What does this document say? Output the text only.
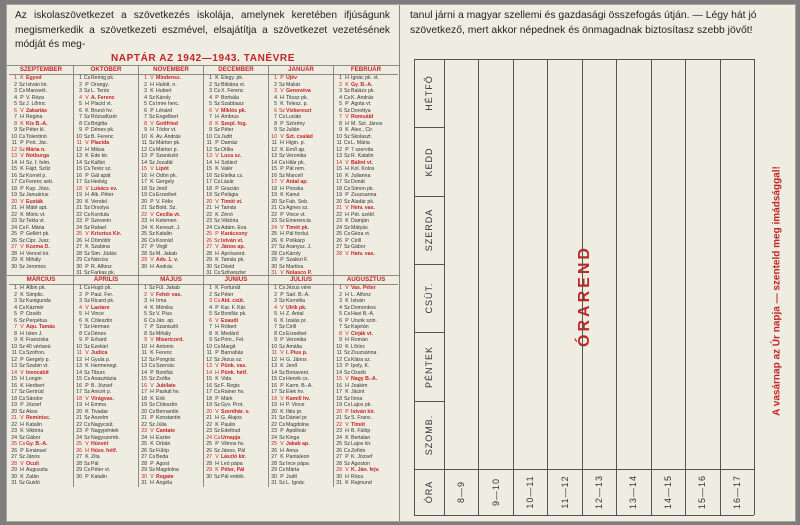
Az iskolaszövetkezet a szövetkezés iskolája, amelynek keretében ifjúságunk megismerkedik a szövetkezeti eszmével, elsajátítja a szövetkezet vezetésének módját és meg-
NAPTÁR AZ 1942—1943. TANÉVRE
SZEPTEMBER
1 K Egyed
2 Sz István kir.
3 Cs Mansvét.
4 P V. Róza
5 Sz J. Lőrinc
6 V Zakariás
7 H Regina
8 K Kis B.-A.
9 Sz Péter kl.
10 Cs Tolentinó
11 P Prot. Jác.
12 Sz Mária n.
13 V Notburga
14 H Sz. f. felm.
15 K Fájd. Szűz
16 Sz Kornél p.
17 Cs Ferenc seb.
18 P Kup. Józs.
19 Sz Januárius
20 V Eusták
21 H Máté apt.
22 K Móric vt.
23 Sz Tekla vt.
24 Cs F. Mária
25 P Gellért pk.
26 Sz Cipr. Jusz.
27 V Kozma D.
28 H Vencel kir.
29 K Mihály
30 Sz Jeromos
OKTÓBER
1 Cs Remig pk.
2 P Őrangy.
3 Sz L. Teréz
4 V A. Ferenc
5 H Placid vt.
6 K Brunó hv.
7 Sz Rózsafüzér
8 Cs Brigitta
9 P Dénes pk.
10 Sz B. Ferenc
11 V Placida
12 H Miksa
13 K Ede kir.
14 Sz Kallixt
15 Cs Teréz sz.
16 P Gál apát
17 Sz Hedvig
18 V Lukács ev.
19 H Alk. Péter
20 K Vendel
21 Sz Orsolya
22 Cs Kordula
23 P Szeverin
24 Sz Rafael
25 V Krisztus Kir.
26 H Dömötör
27 K Szabina
28 Sz Sim. Júdás
29 Cs Nárcisz
30 P R. Alfonz
31 Sz Farkas pk.
NOVEMBER
1 V Mindensz.
2 H Halott. n.
3 K Hubert
4 Sz Károly
5 Cs Imre herc.
6 P Lénárd
7 Sz Engelbert
8 V Gottfried
9 H Tódor vt.
10 K Av. András
11 Sz Márton pk.
12 Cs Márton p.
13 P Szaniszló
14 Sz Jozafát
15 V Lipót
16 H Ödön pk.
17 K Gergely
18 Sz Jenő
19 Cs Erzsébet
20 P V. Félix
21 Sz Bold. Sz.
22 V Cecília vt.
23 H Kelemen
24 K Kereszt. J.
25 Sz Katalin
26 Cs Konrád
27 P Virgil
28 Sz M. Jakab
29 V Adv. 1. v.
30 H András
DECEMBER
1 K Elegy. pk.
2 Sz Bibiána vt.
3 Cs X. Ferenc
4 P Borbála
5 Sz Szabbasz
6 V Miklós pk.
7 H Ambrus
8 K Szepl. fog.
9 Sz Péter
10 Cs Judit
11 P Damáz
12 Sz Otília
13 V Luca sz.
14 H Szilárd
15 K Valér
16 Sz Etelka cs.
17 Cs Lázár
18 P Gracián
19 Sz Pelágia
20 V Timót vt.
21 H Tamás
22 K Zénó
23 Sz Viktória
24 Cs Ádám. Éva
25 P Karácsony
26 Sz István vt.
27 V János ap.
28 H Aprószent.
29 K Tamás pk.
30 Sz Dávid
31 Cs Szilveszter
JANUÁR
1 P Újév
2 Sz Makár
3 V Genovéva
4 H Titusz pk.
5 K Telesz. p.
6 Sz Vízkereszt
7 Cs Lucián
8 P Szörény
9 Sz Julián
10 V Szt. család
11 H Higin. p.
12 K Ernő ap.
13 Sz Veronika
14 Cs Hilár pk.
15 P Pál rem.
16 Sz Marcell
17 V Antal ap.
18 H Piroska
19 K Kanut
20 Sz Fab. Seb.
21 Cs Ágnes sz.
22 P Vince vt.
23 Sz Emerencia
24 V Timót pk.
25 H Pál fordul.
26 K Polikárp
27 Sz Aranysz. J.
28 Cs Károly
29 P Szalézi F.
30 Sz Martina
31 V Nolasco P.
FEBRUÁR
1 H Ignác pk. vt.
2 K Gy. B.-A.
3 Sz Balázs pk.
4 Cs K. András
5 P Ágota vt.
6 Sz Dorottya
7 V Romuáld
8 H M. Szt. János
9 K Alex., Cir.
10 Sz Skolaszt.
11 Cs L. Mária
12 P 7 szervita
13 Sz R. Katalin
14 V Bálint vt.
15 H Kol. Kolos
16 K Julianna
17 Sz Donát
18 Cs Simon pk.
19 P Zsuzsanna
20 Sz Aladár pk.
21 V Hetv. vas.
22 H Pét. székf.
23 K Damján
24 Sz Mátyás
25 Cs Géza vt.
26 P Cirill
27 Sz Gábor
28 V Hatv. vas.
MÁRCIUS
1 H Albin pk.
2 K Simplic.
3 Sz Kunigunda
4 Cs Kázmér
5 P Özséb
6 Sz Perpétua
7 V Aqu. Tamás
8 H Isten J.
9 K Franciska
10 Sz 40 vértanú
11 Cs Szofron.
12 P Gergely p.
13 Sz Szabin vt.
14 V Invocabit
15 H Longin
16 K Heribert
17 Sz Gertrúd
18 Cs Sándor
19 P József
20 Sz Ákos
21 V Reminisc.
22 H Katalin
23 K Viktória
24 Sz Gábor
25 Cs Gy. B.-A.
26 P Emánuel
27 Sz János
28 V Oculi
29 H Auguszta
30 K Zalán
31 Sz Guidó
ÁPRILIS
1 Cs Hugó pk.
2 P Paul. Fer.
3 Sz Ricard pk.
4 V Laetare
5 H Vince
6 K Cölesztin
7 Sz Herman
8 Cs Dénes
9 P Erhard
10 Sz Ezekiel
11 V Judica
12 H Gyula p.
13 K Hermenegi.
14 Sz Tiburc
15 Cs Anasztázia
16 P B. József
17 Sz Anicét p.
18 V Virágvas.
19 H Emma
20 K Tivadar
21 Sz Anzelm
22 Cs Nagycsüt.
23 P Nagypéntek
24 Sz Nagyszomb.
25 V Húsvét
26 H Húsv. hétf.
27 K Zita
28 Sz Pál
29 Cs Péter vt.
30 P Katalin
MÁJUS
1 Sz Fül. Jakab
2 V Fehér vas.
3 H Irma
4 K Mónika
5 Sz V. Pius
6 Cs Ján. ap.
7 P Szaniszló
8 Sz Mihály
9 V Misericord.
10 H Antonin
11 K Ferenc
12 Sz Pongrác
13 Cs Szervác
14 P Bonifác
15 Sz Zsófia
16 V Jubilate
17 H Paskál hv.
18 K Erik
19 Sz Cölesztin
20 Cs Bernardin
21 P Konstantin
22 Sz Júlia
23 V Cantate
24 H Eszter
25 K Orbán
26 Sz Fülöp
27 Cs Beda
28 P Ágost
29 Sz Magdolna
30 V Rogate
31 H Angéla
JÚNIUS
1 K Fortunát
2 Sz Péter
3 Cs Áld. csüt.
4 P Kar. F. Kár.
5 Sz Bonifác pk.
6 V Exaudi
7 H Róbert
8 K Medárd
9 Sz Prim., Fel.
10 Cs Margit
11 P Barnabás
12 Sz Jézus sz.
13 V Pünk. vas.
14 H Pünk. hétf.
15 K Vida
16 Sz F. Regis
17 Cs Rainer hv.
18 P Márk
19 Sz Gyv. Prot.
20 V Szenthár. v.
21 H G. Alajos
22 K Paulin
23 Sz Edeltrud
24 Cs Úrnapja
25 P Vilmos hv.
26 Sz János, Pál
27 V László kir.
28 H Leó pápa
29 K Péter, Pál
30 Sz Pál emlék.
JÚLIUS
1 Cs Jézus vére
2 P Sarl. B.-A.
3 Sz Kornélia
4 V Ulrik pk.
5 H Z. Antal
6 K Izaiás pr.
7 Sz Cirill
8 Cs Erzsébet
9 P Veronika
10 Sz Amália
11 V I. Pius p.
12 H G. János
13 K Jenő
14 Sz Bonavent.
15 Cs Henrik cs.
16 P Karm. B.-A.
17 Sz Elek hv.
18 V Kamill hv.
19 H P. Vince
20 K Illés pr.
21 Sz Dániel pr.
22 Cs Magdolna
23 P Apollinár
24 Sz Kinga
25 V Jakab ap.
26 H Anna
27 K Pantaleon
28 Sz Ince pápa
29 Cs Márta
30 P Judit
31 Sz L. Ignác
AUGUSZTUS
1 V Vas. Péter
2 H L. Alfonz
3 K István
4 Sz Domonkos
5 Cs Havi B.-A.
6 P Urunk szin.
7 Sz Kajetán
8 V Cirják vt.
9 H Román
10 K Lőrinc
11 Sz Zsuzsánna
12 Cs Klára sz.
13 P Ipoly, K.
14 Sz Özséb
15 V Nagy B.-A.
16 H Joakim
17 K Jácint
18 Sz Ilona
19 Cs Lajos pk.
20 P István kir.
21 Sz S. Franc.
22 V Timót
23 H B. Fülöp
24 K Bertalan
25 Sz Lajos kir.
26 Cs Zefirin
27 P K. József
28 Sz Ágoston
29 V K. Ján. fejv.
30 H Róza
31 K Rajmund
tanul járni a magyar szellemi és gazdasági összefogás útján. — Légy hát jó szövetkező, mert akkor népednek és önmagadnak biztosítasz szebb jövőt!
ÓRAREND
HÉTFŐ
KEDD
SZERDA
CSÜT.
PÉNTEK
SZOMB.
ÓRA 8—9	9—10	10—11	11—12	12—13	13—14	14—15	15—16	16—17
A vasárnap az Úr napja — szenteld meg imádsággal!
